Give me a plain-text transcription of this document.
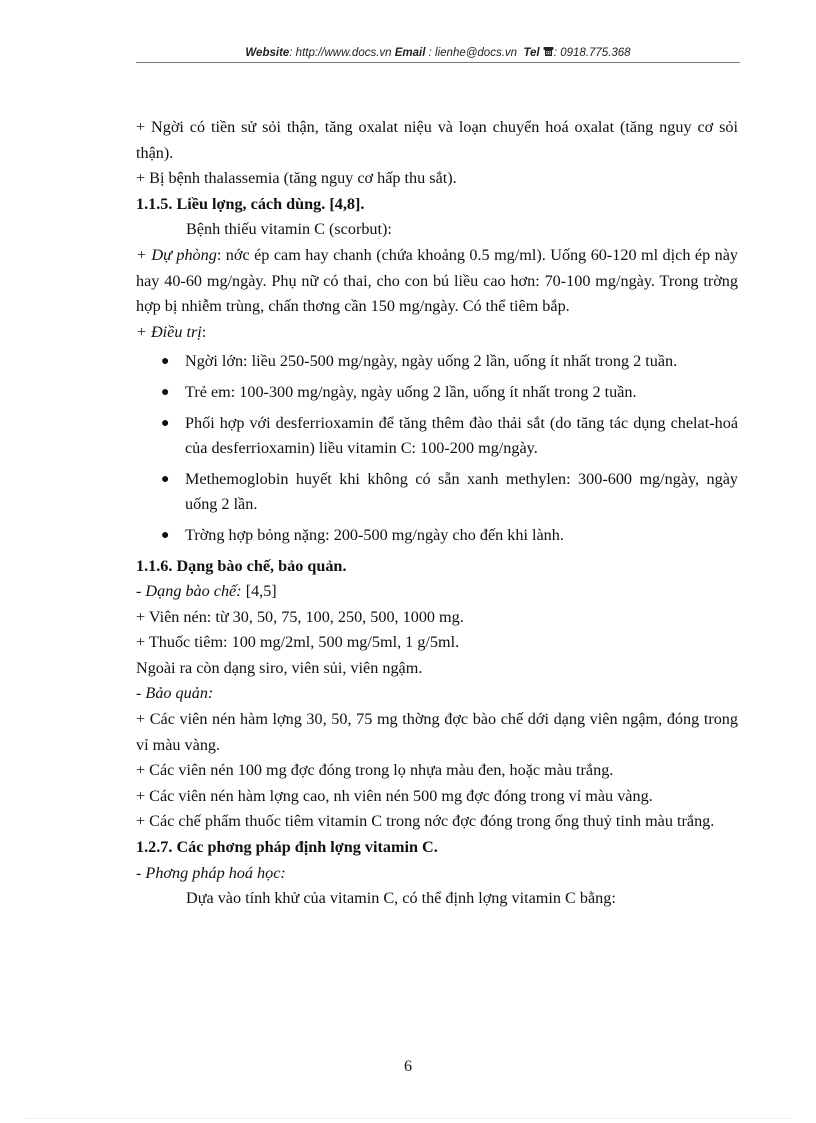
Website: http://www.docs.vn Email : lienhe@docs.vn Tel : 0918.775.368

+ Ngời có tiền sử sỏi thận, tăng oxalat niệu và loạn chuyển hoá oxalat (tăng nguy cơ sỏi thận).

+ Bị bệnh thalassemia (tăng nguy cơ hấp thu sắt).

1.1.5. Liều lợng, cách dùng. [4,8].

Bệnh thiếu vitamin C (scorbut):

+ Dự phòng: nớc ép cam hay chanh (chứa khoảng 0.5 mg/ml). Uống 60-120 ml dịch ép này hay 40-60 mg/ngày. Phụ nữ có thai, cho con bú liều cao hơn: 70-100 mg/ngày. Trong trờng hợp bị nhiễm trùng, chấn thơng cần 150 mg/ngày. Có thể tiêm bắp.

+ Điều trị:

● Ngời lớn: liều 250-500 mg/ngày, ngày uống 2 lần, uống ít nhất trong 2 tuần.
● Trẻ em: 100-300 mg/ngày, ngày uống 2 lần, uống ít nhất trong 2 tuần.
● Phối hợp với desferrioxamin để tăng thêm đào thải sắt (do tăng tác dụng chelat-hoá của desferrioxamin) liều vitamin C: 100-200 mg/ngày.
● Methemoglobin huyết khi không có sẵn xanh methylen: 300-600 mg/ngày, ngày uống 2 lần.
● Trờng hợp bỏng nặng: 200-500 mg/ngày cho đến khi lành.

1.1.6. Dạng bào chế, bảo quản.

- Dạng bào chế: [4,5]

+ Viên nén: từ 30, 50, 75, 100, 250, 500, 1000 mg.

+ Thuốc tiêm: 100 mg/2ml, 500 mg/5ml, 1 g/5ml.

Ngoài ra còn dạng siro, viên sủi, viên ngậm.

- Bảo quản:

+ Các viên nén hàm lợng 30, 50, 75 mg thờng đợc bào chế dới dạng viên ngậm, đóng trong vỉ màu vàng.

+ Các viên nén 100 mg đợc đóng trong lọ nhựa màu đen, hoặc màu trắng.

+ Các viên nén hàm lợng cao, nh viên nén 500 mg đợc đóng trong vỉ màu vàng.

+ Các chế phẩm thuốc tiêm vitamin C trong nớc đợc đóng trong ống thuỷ tinh màu trắng.

1.2.7. Các phơng pháp định lợng vitamin C.

- Phơng pháp hoá học:

Dựa vào tính khử của vitamin C, có thể định lợng vitamin C bằng:

6
